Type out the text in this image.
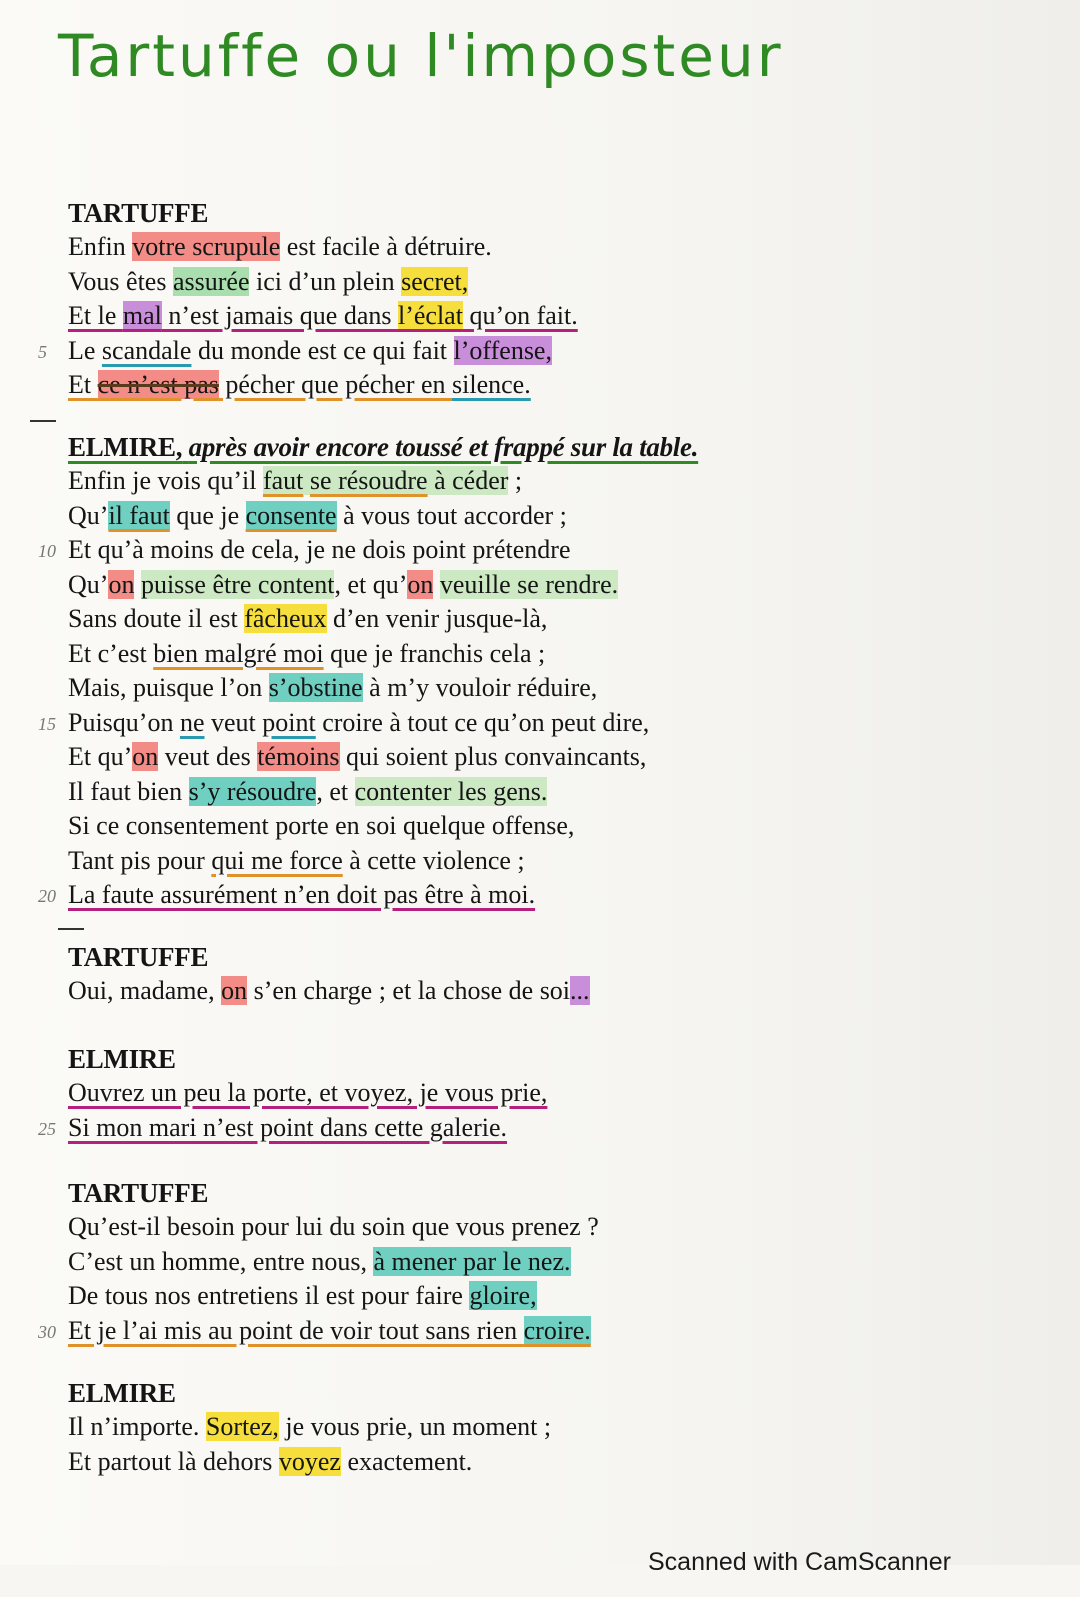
Tartuffe ou l'imposteur
TARTUFFE
Enfin votre scrupule est facile à détruire.
Vous êtes assurée ici d’un plein secret,
Et le mal n’est jamais que dans l’éclat qu’on fait.
5 Le scandale du monde est ce qui fait l’offense,
Et ce n’est pas pécher que pécher en silence.
ELMIRE, après avoir encore toussé et frappé sur la table.
Enfin je vois qu’il faut se résoudre à céder ;
Qu’il faut que je consente à vous tout accorder ;
10 Et qu’à moins de cela, je ne dois point prétendre
Qu’on puisse être content, et qu’on veuille se rendre.
Sans doute il est fâcheux d’en venir jusque-là,
Et c’est bien malgré moi que je franchis cela ;
Mais, puisque l’on s’obstine à m’y vouloir réduire,
15 Puisqu’on ne veut point croire à tout ce qu’on peut dire,
Et qu’on veut des témoins qui soient plus convaincants,
Il faut bien s’y résoudre, et contenter les gens.
Si ce consentement porte en soi quelque offense,
Tant pis pour qui me force à cette violence ;
20 La faute assurément n’en doit pas être à moi.
TARTUFFE
Oui, madame, on s’en charge ; et la chose de soi...
ELMIRE
Ouvrez un peu la porte, et voyez, je vous prie,
25 Si mon mari n’est point dans cette galerie.
TARTUFFE
Qu’est-il besoin pour lui du soin que vous prenez ?
C’est un homme, entre nous, à mener par le nez.
De tous nos entretiens il est pour faire gloire,
30 Et je l’ai mis au point de voir tout sans rien croire.
ELMIRE
Il n’importe. Sortez, je vous prie, un moment ;
Et partout là dehors voyez exactement.
Scanned with CamScanner
